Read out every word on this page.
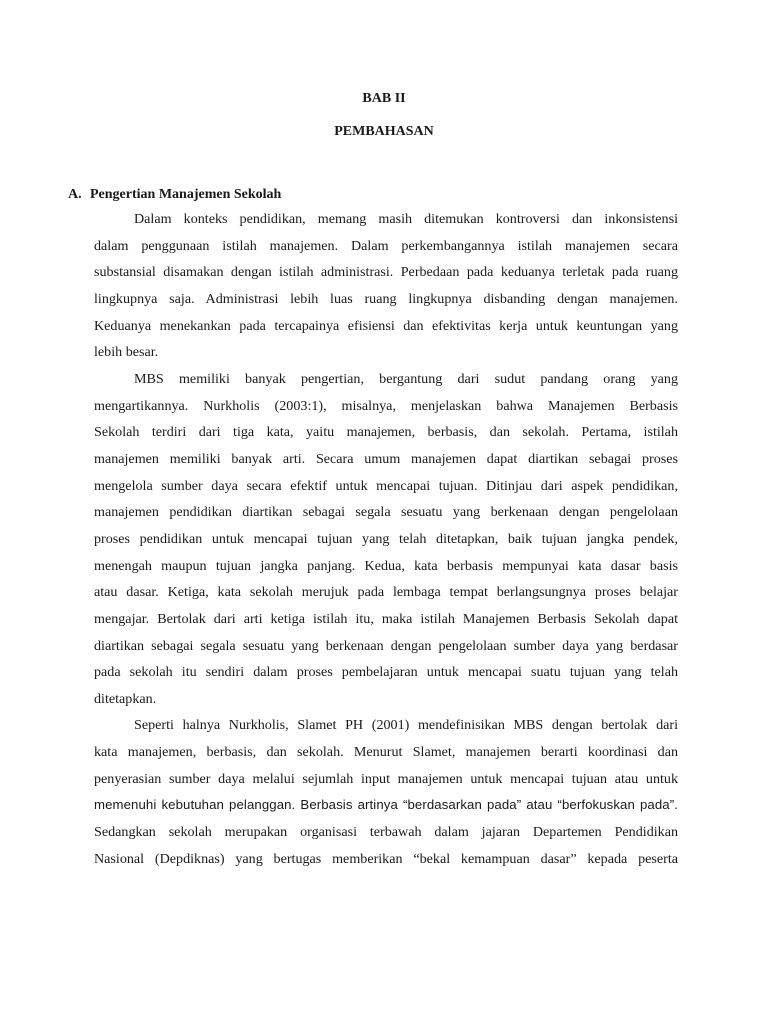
BAB II
PEMBAHASAN
A. Pengertian Manajemen Sekolah
Dalam konteks pendidikan, memang masih ditemukan kontroversi dan inkonsistensi
dalam penggunaan istilah manajemen. Dalam perkembangannya istilah manajemen secara
substansial disamakan dengan istilah administrasi. Perbedaan pada keduanya terletak pada ruang
lingkupnya saja. Administrasi lebih luas ruang lingkupnya disbanding dengan manajemen.
Keduanya menekankan pada tercapainya efisiensi dan efektivitas kerja untuk keuntungan yang
lebih besar.
MBS memiliki banyak pengertian, bergantung dari sudut pandang orang yang
mengartikannya. Nurkholis (2003:1), misalnya, menjelaskan bahwa Manajemen Berbasis
Sekolah terdiri dari tiga kata, yaitu manajemen, berbasis, dan sekolah. Pertama, istilah
manajemen memiliki banyak arti. Secara umum manajemen dapat diartikan sebagai proses
mengelola sumber daya secara efektif untuk mencapai tujuan. Ditinjau dari aspek pendidikan,
manajemen pendidikan diartikan sebagai segala sesuatu yang berkenaan dengan pengelolaan
proses pendidikan untuk mencapai tujuan yang telah ditetapkan, baik tujuan jangka pendek,
menengah maupun tujuan jangka panjang. Kedua, kata berbasis mempunyai kata dasar basis
atau dasar. Ketiga, kata sekolah merujuk pada lembaga tempat berlangsungnya proses belajar
mengajar. Bertolak dari arti ketiga istilah itu, maka istilah Manajemen Berbasis Sekolah dapat
diartikan sebagai segala sesuatu yang berkenaan dengan pengelolaan sumber daya yang berdasar
pada sekolah itu sendiri dalam proses pembelajaran untuk mencapai suatu tujuan yang telah
ditetapkan.
Seperti halnya Nurkholis, Slamet PH (2001) mendefinisikan MBS dengan bertolak dari
kata manajemen, berbasis, dan sekolah. Menurut Slamet, manajemen berarti koordinasi dan
penyerasian sumber daya melalui sejumlah input manajemen untuk mencapai tujuan atau untuk
memenuhi kebutuhan pelanggan. Berbasis artinya “berdasarkan pada” atau “berfokuskan pada”.
Sedangkan sekolah merupakan organisasi terbawah dalam jajaran Departemen Pendidikan
Nasional (Depdiknas) yang bertugas memberikan “bekal kemampuan dasar” kepada peserta
